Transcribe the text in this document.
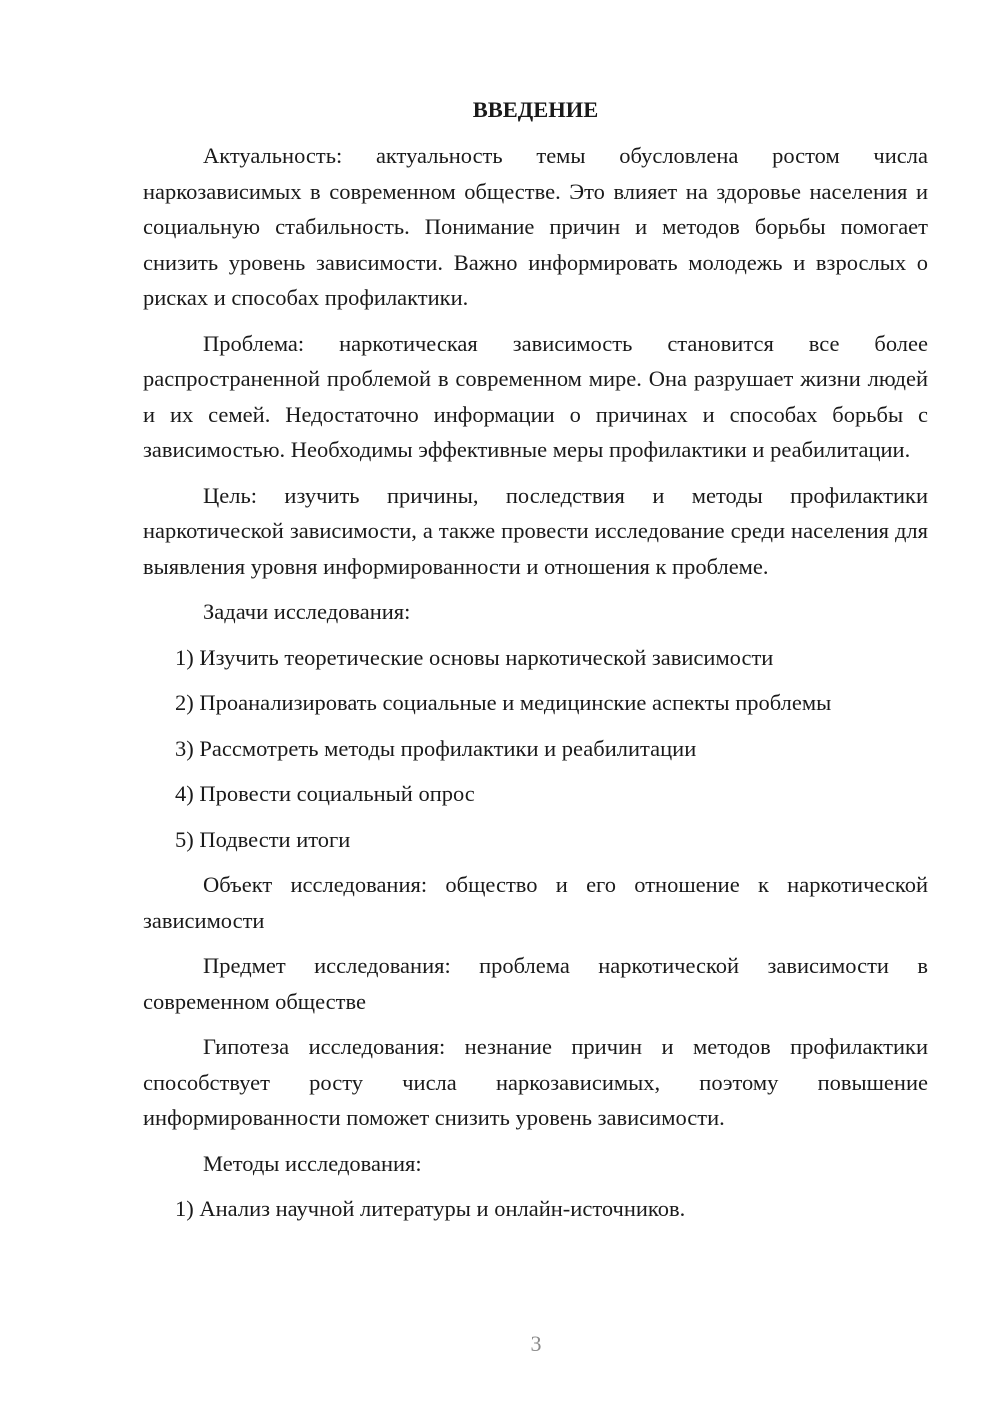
ВВЕДЕНИЕ

Актуальность: актуальность темы обусловлена ростом числа наркозависимых в современном обществе. Это влияет на здоровье населения и социальную стабильность. Понимание причин и методов борьбы помогает снизить уровень зависимости. Важно информировать молодежь и взрослых о рисках и способах профилактики.

Проблема: наркотическая зависимость становится все более распространенной проблемой в современном мире. Она разрушает жизни людей и их семей. Недостаточно информации о причинах и способах борьбы с зависимостью. Необходимы эффективные меры профилактики и реабилитации.

Цель: изучить причины, последствия и методы профилактики наркотической зависимости, а также провести исследование среди населения для выявления уровня информированности и отношения к проблеме.

Задачи исследования:

1) Изучить теоретические основы наркотической зависимости

2) Проанализировать социальные и медицинские аспекты проблемы

3) Рассмотреть методы профилактики и реабилитации

4) Провести социальный опрос

5) Подвести итоги

Объект исследования: общество и его отношение к наркотической зависимости

Предмет исследования: проблема наркотической зависимости в современном обществе

Гипотеза исследования: незнание причин и методов профилактики способствует росту числа наркозависимых, поэтому повышение информированности поможет снизить уровень зависимости.

Методы исследования:

1) Анализ научной литературы и онлайн-источников.

3
